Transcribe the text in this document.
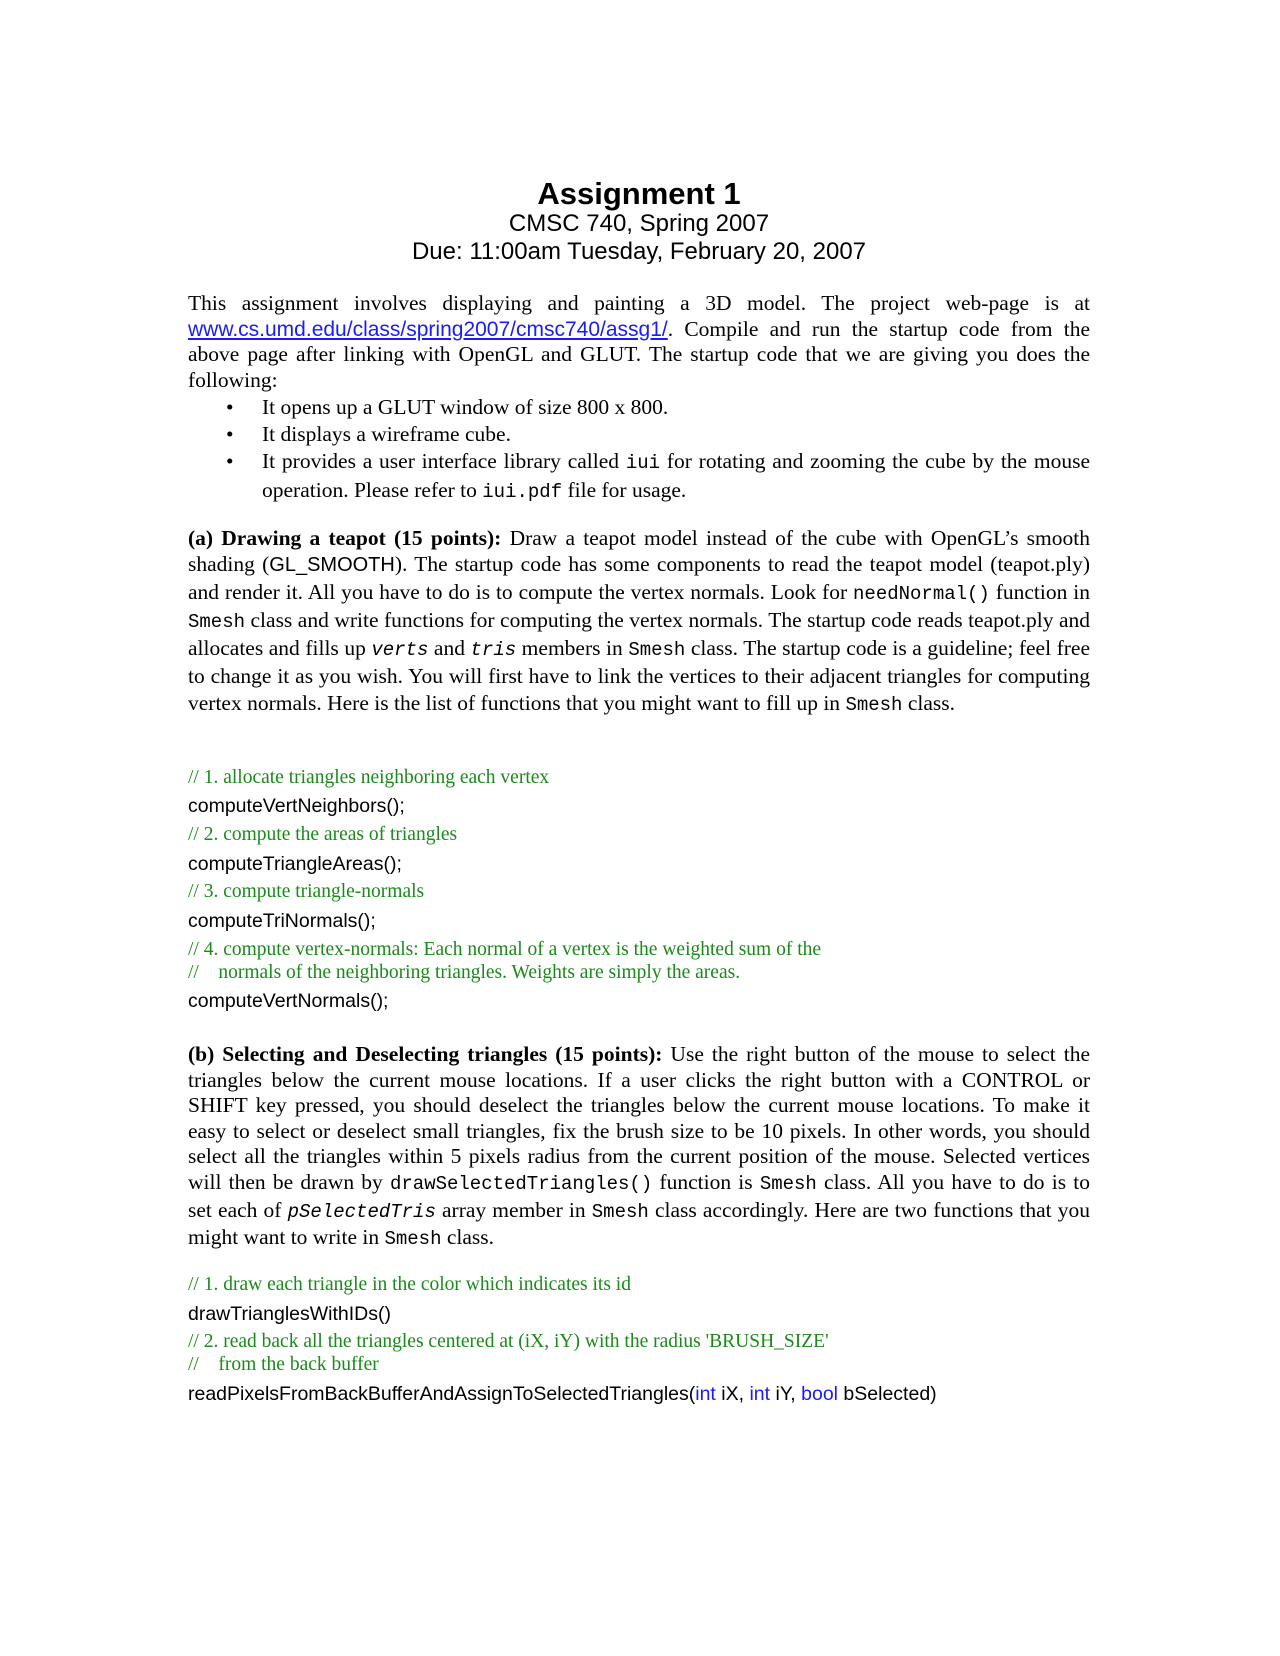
Assignment 1

CMSC 740, Spring 2007

Due: 11:00am Tuesday, February 20, 2007

This assignment involves displaying and painting a 3D model. The project web-page is at www.cs.umd.edu/class/spring2007/cmsc740/assg1/. Compile and run the startup code from the above page after linking with OpenGL and GLUT. The startup code that we are giving you does the following:

• It opens up a GLUT window of size 800 x 800.
• It displays a wireframe cube.
• It provides a user interface library called iui for rotating and zooming the cube by the mouse operation. Please refer to iui.pdf file for usage.

(a) Drawing a teapot (15 points): Draw a teapot model instead of the cube with OpenGL’s smooth shading (GL_SMOOTH). The startup code has some components to read the teapot model (teapot.ply) and render it. All you have to do is to compute the vertex normals. Look for needNormal() function in Smesh class and write functions for computing the vertex normals. The startup code reads teapot.ply and allocates and fills up verts and tris members in Smesh class. The startup code is a guideline; feel free to change it as you wish. You will first have to link the vertices to their adjacent triangles for computing vertex normals. Here is the list of functions that you might want to fill up in Smesh class.

// 1. allocate triangles neighboring each vertex

computeVertNeighbors();

// 2. compute the areas of triangles

computeTriangleAreas();

// 3. compute triangle-normals

computeTriNormals();

// 4. compute vertex-normals: Each normal of a vertex is the weighted sum of the

//    normals of the neighboring triangles. Weights are simply the areas.

computeVertNormals();

(b) Selecting and Deselecting triangles (15 points): Use the right button of the mouse to select the triangles below the current mouse locations. If a user clicks the right button with a CONTROL or SHIFT key pressed, you should deselect the triangles below the current mouse locations. To make it easy to select or deselect small triangles, fix the brush size to be 10 pixels. In other words, you should select all the triangles within 5 pixels radius from the current position of the mouse. Selected vertices will then be drawn by drawSelectedTriangles() function is Smesh class. All you have to do is to set each of pSelectedTris array member in Smesh class accordingly. Here are two functions that you might want to write in Smesh class.

// 1. draw each triangle in the color which indicates its id

drawTrianglesWithIDs()

// 2. read back all the triangles centered at (iX, iY) with the radius 'BRUSH_SIZE'

//    from the back buffer

readPixelsFromBackBufferAndAssignToSelectedTriangles(int iX, int iY, bool bSelected)
